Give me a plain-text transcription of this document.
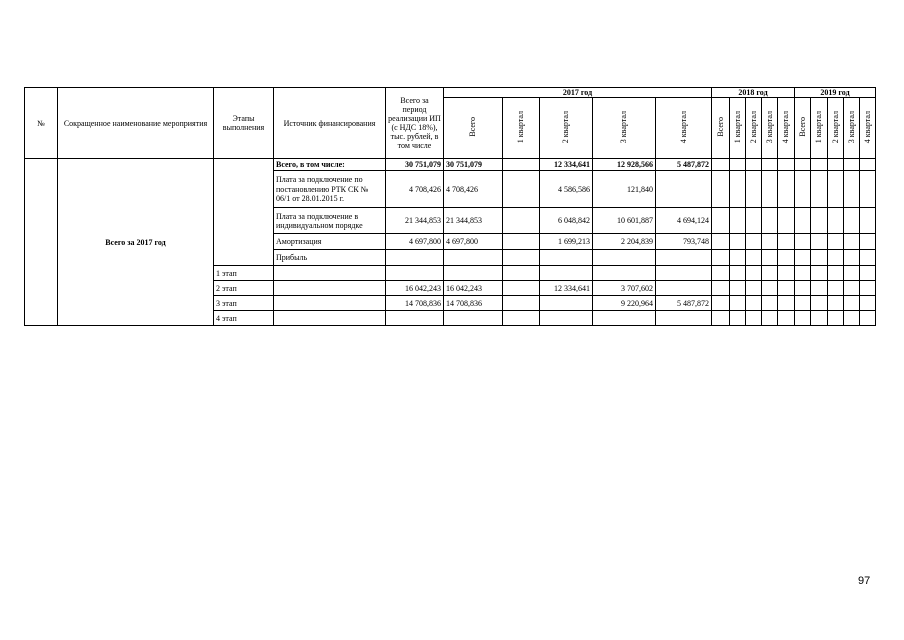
№	Сокращенное наименование мероприятия	Этапы выполнения	Источник финансирования	Всего за период реализации ИП (с НДС 18%), тыс. рублей, в том числе	2017 год					2018 год					2019 год				
					Всего	1 квартал	2 квартал	3 квартал	4 квартал	Всего	1 квартал	2 квартал	3 квартал	4 квартал	Всего	1 квартал	2 квартал	3 квартал	4 квартал
	Всего за 2017 год		Всего, в том числе:	30 751,079	30 751,079		12 334,641	12 928,566	5 487,872										
			Плата за подключение по постановлению РТК СК № 06/1 от 28.01.2015 г.	4 708,426	4 708,426		4 586,586	121,840											
			Плата за подключение в индивидуальном порядке	21 344,853	21 344,853		6 048,842	10 601,887	4 694,124										
			Амортизация	4 697,800	4 697,800		1 699,213	2 204,839	793,748										
			Прибыль																
		1 этап																	
		2 этап		16 042,243	16 042,243		12 334,641	3 707,602											
		3 этап		14 708,836	14 708,836			9 220,964	5 487,872										
		4 этап																	
97
